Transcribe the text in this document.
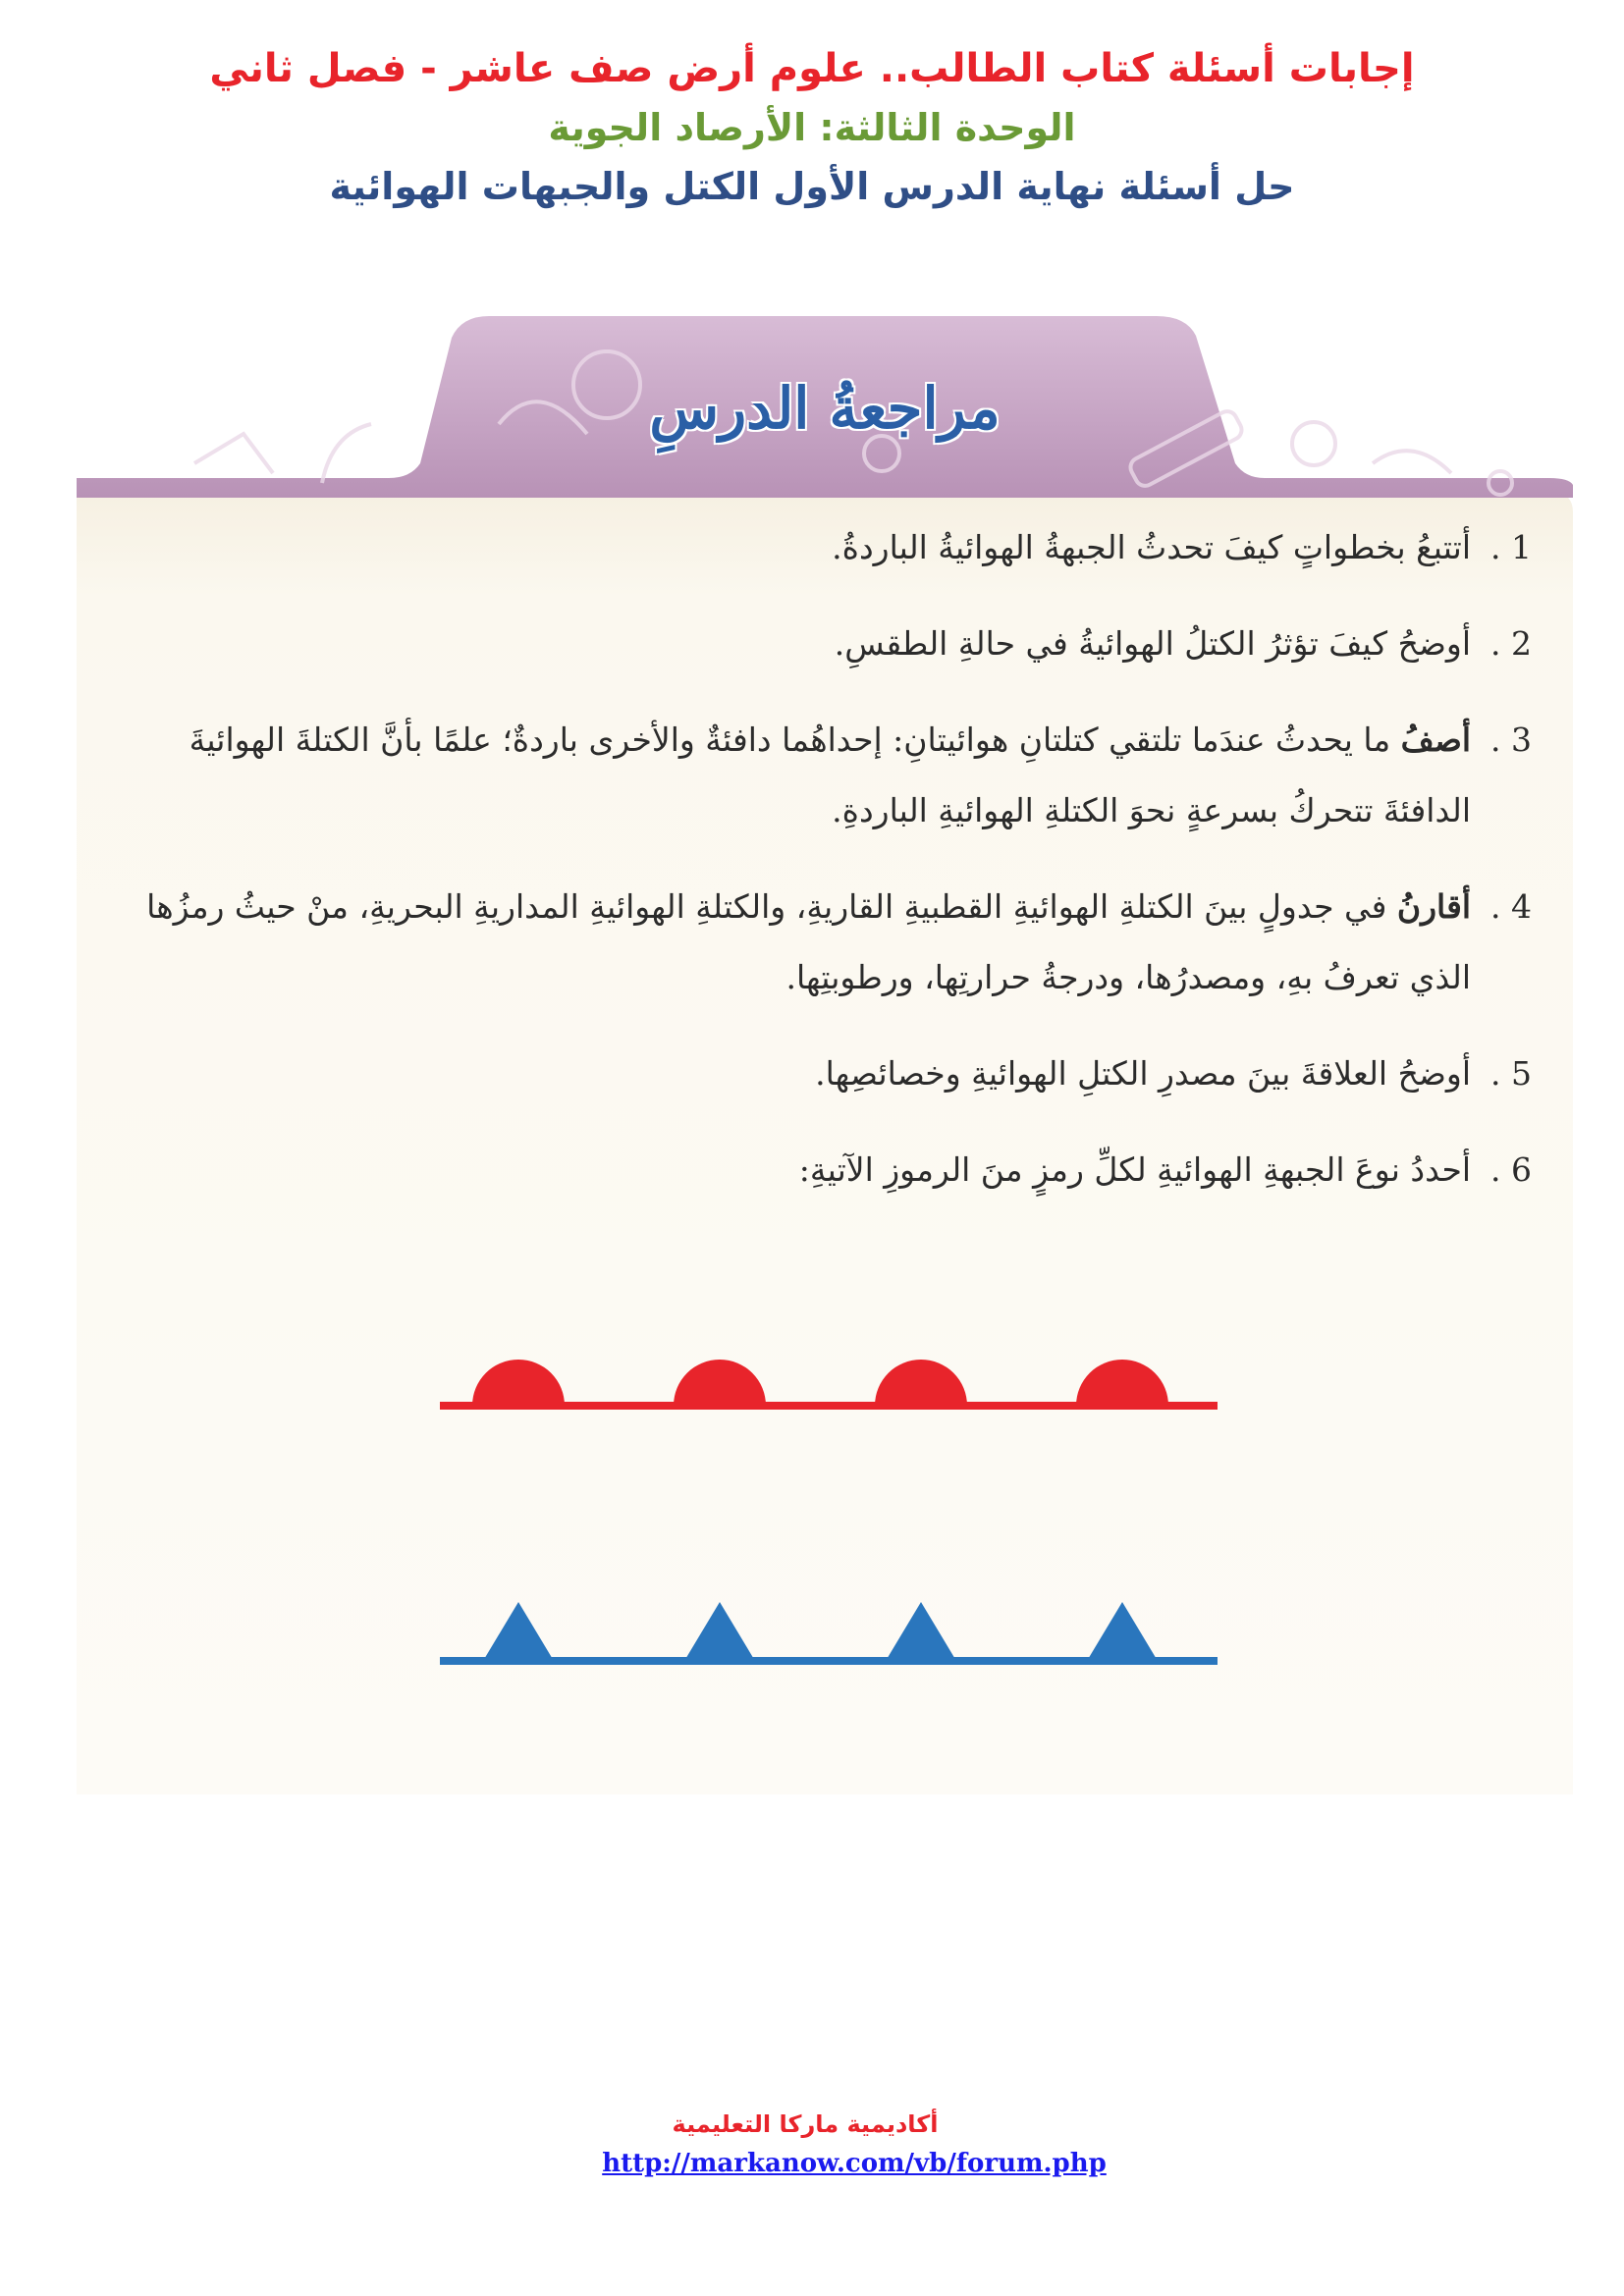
إجابات أسئلة كتاب الطالب.. علوم أرض صف عاشر - فصل ثاني

الوحدة الثالثة: الأرصاد الجوية

حل أسئلة نهاية الدرس الأول الكتل والجبهات الهوائية

مراجعةُ الدرسِ
1 .
أتتبعُ بخطواتٍ كيفَ تحدثُ الجبهةُ الهوائيةُ الباردةُ.
2 .
أوضحُ كيفَ تؤثرُ الكتلُ الهوائيةُ في حالةِ الطقسِ.
3 .
أصفُ ما يحدثُ عندَما تلتقي كتلتانِ هوائيتانِ: إحداهُما دافئةٌ والأخرى باردةٌ؛ علمًا بأنَّ الكتلةَ الهوائيةَ الدافئةَ تتحركُ بسرعةٍ نحوَ الكتلةِ الهوائيةِ الباردةِ.
4 .
أقارنُ في جدولٍ بينَ الكتلةِ الهوائيةِ القطبيةِ القاريةِ، والكتلةِ الهوائيةِ المداريةِ البحريةِ، منْ حيثُ رمزُها الذي تعرفُ بهِ، ومصدرُها، ودرجةُ حرارتِها، ورطوبتِها.
5 .
أوضحُ العلاقةَ بينَ مصدرِ الكتلِ الهوائيةِ وخصائصِها.
6 .
أحددُ نوعَ الجبهةِ الهوائيةِ لكلِّ رمزٍ منَ الرموزِ الآتيةِ:
أكاديمية ماركا التعليمية
http://markanow.com/vb/forum.php
